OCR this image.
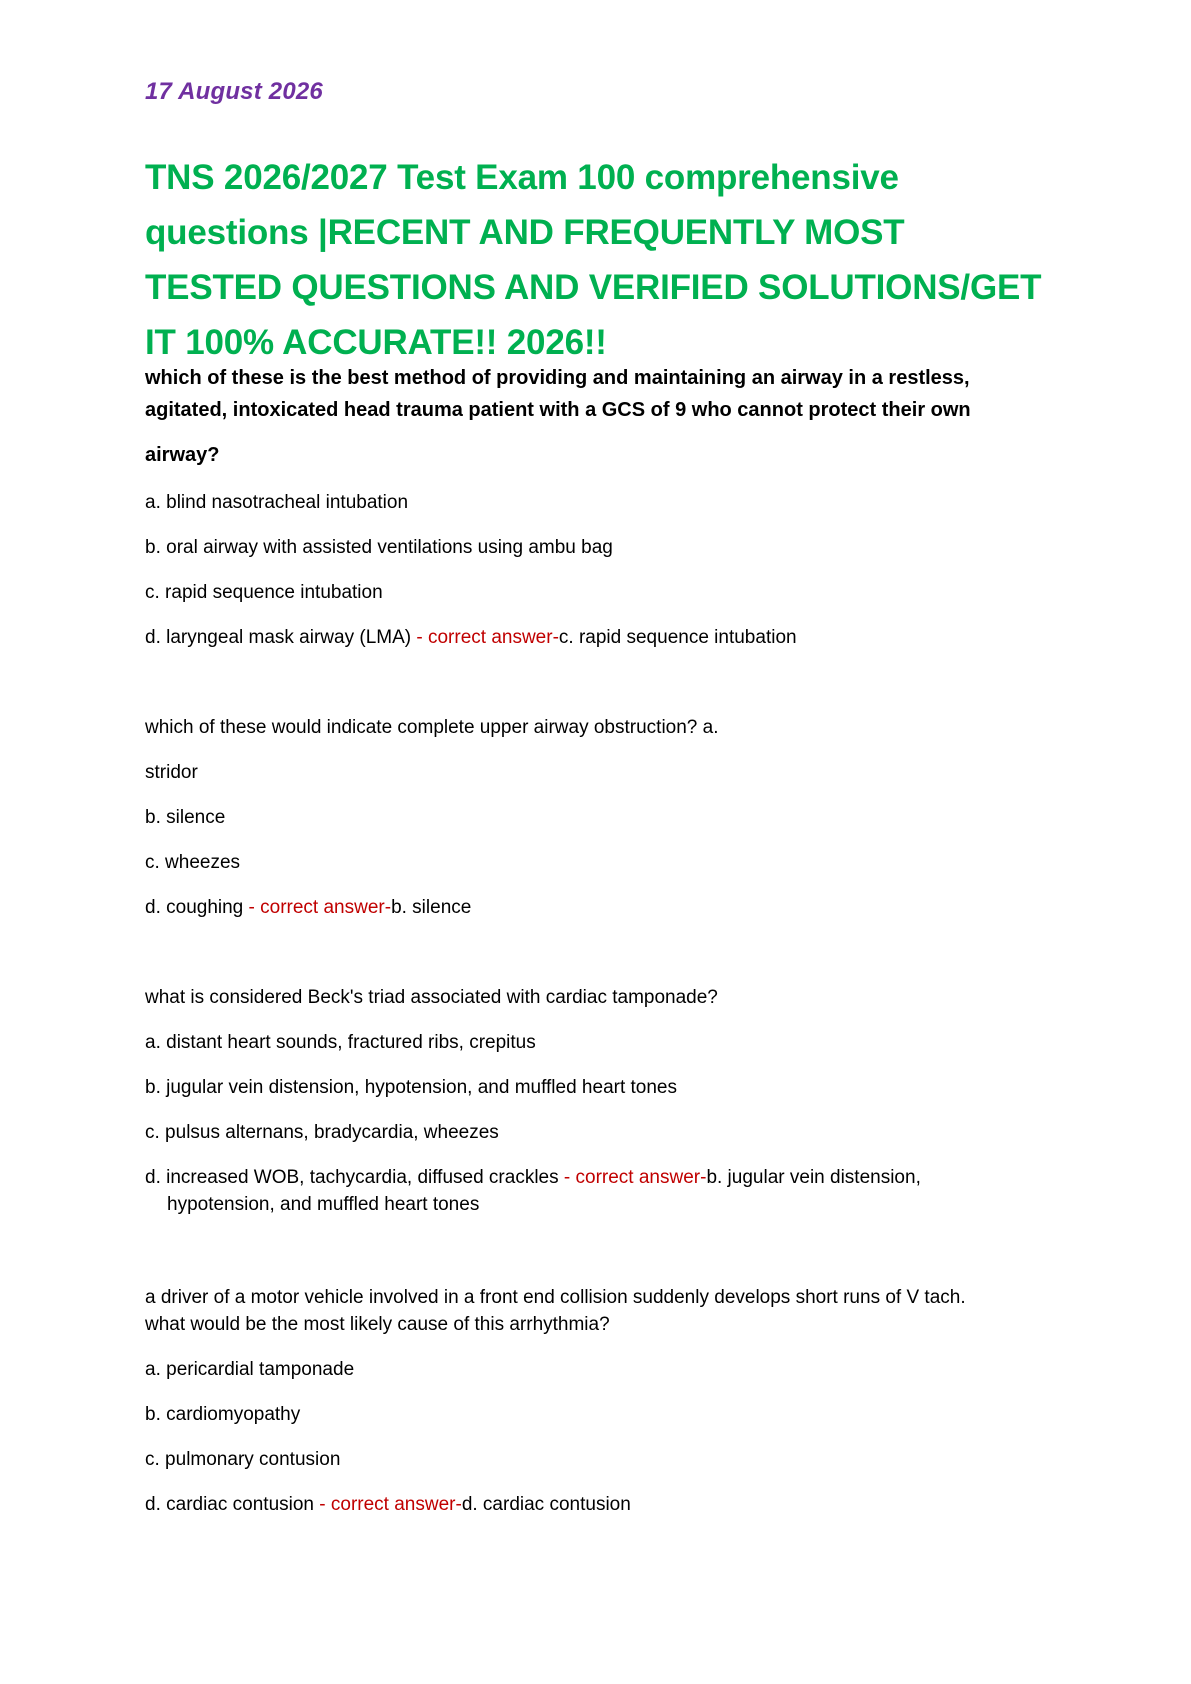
17 August 2026
TNS 2026/2027 Test Exam 100 comprehensive questions |RECENT AND FREQUENTLY MOST TESTED QUESTIONS AND VERIFIED SOLUTIONS/GET IT 100% ACCURATE!! 2026!!
which of these is the best method of providing and maintaining an airway in a restless,
agitated, intoxicated head trauma patient with a GCS of 9 who cannot protect their own
airway?
a. blind nasotracheal intubation
b. oral airway with assisted ventilations using ambu bag
c. rapid sequence intubation
d. laryngeal mask airway (LMA) - correct answer-c. rapid sequence intubation
which of these would indicate complete upper airway obstruction? a.
stridor
b. silence
c. wheezes
d. coughing - correct answer-b. silence
what is considered Beck's triad associated with cardiac tamponade?
a. distant heart sounds, fractured ribs, crepitus
b. jugular vein distension, hypotension, and muffled heart tones
c. pulsus alternans, bradycardia, wheezes
d. increased WOB, tachycardia, diffused crackles - correct answer-b. jugular vein distension,
hypotension, and muffled heart tones
a driver of a motor vehicle involved in a front end collision suddenly develops short runs of V tach.
what would be the most likely cause of this arrhythmia?
a. pericardial tamponade
b. cardiomyopathy
c. pulmonary contusion
d. cardiac contusion - correct answer-d. cardiac contusion
